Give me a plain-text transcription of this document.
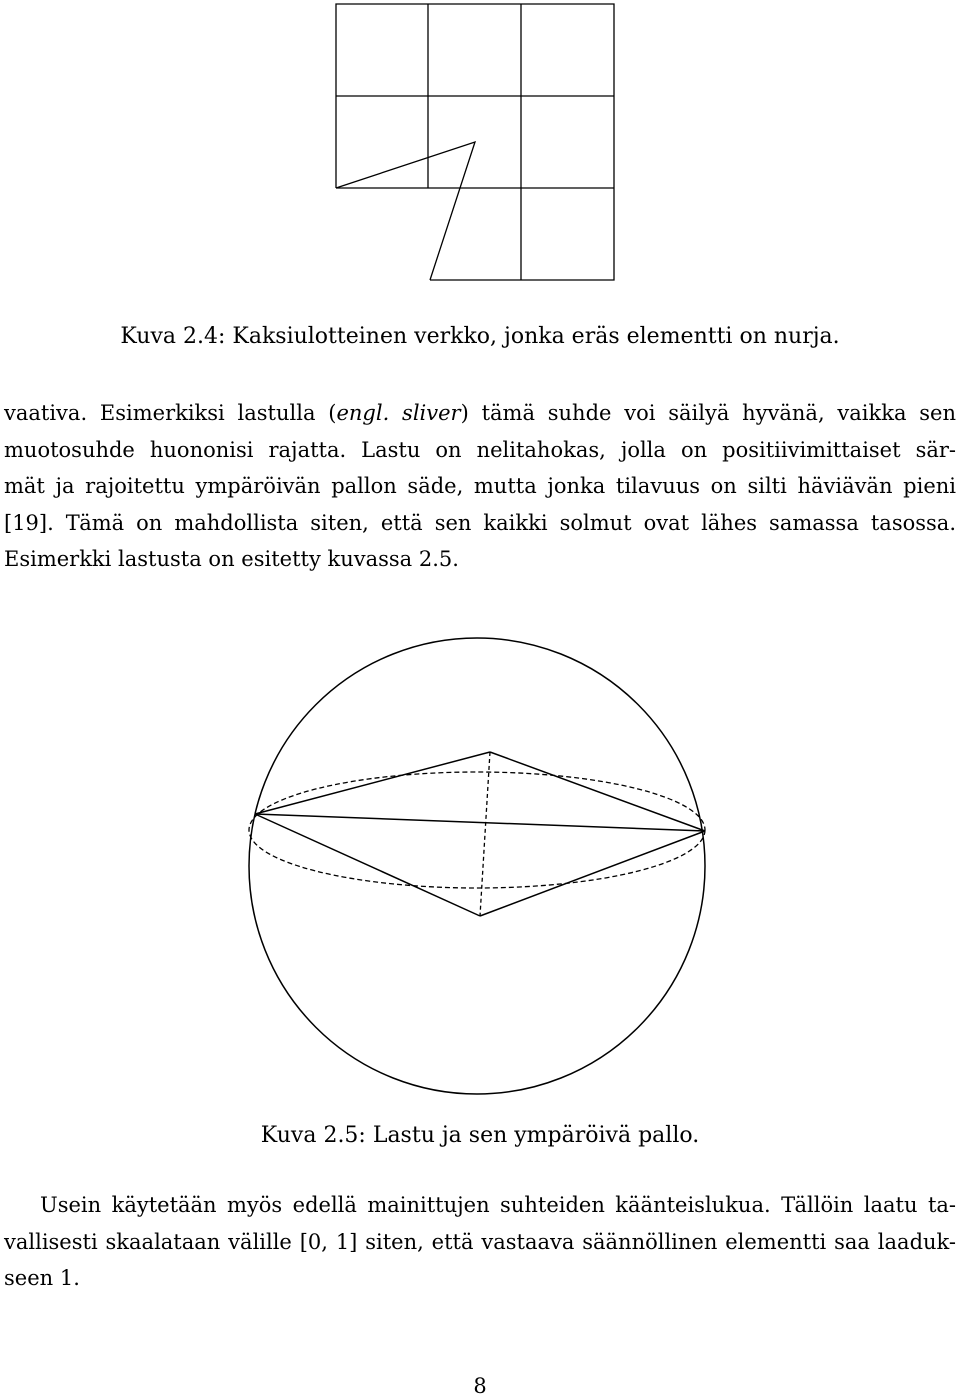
Kuva 2.4: Kaksiulotteinen verkko, jonka eräs elementti on nurja.
vaativa. Esimerkiksi lastulla (engl. sliver) tämä suhde voi säilyä hyvänä, vaikka sen
muotosuhde huononisi rajatta. Lastu on nelitahokas, jolla on positiivimittaiset sär-
mät ja rajoitettu ympäröivän pallon säde, mutta jonka tilavuus on silti häviävän pieni
[19]. Tämä on mahdollista siten, että sen kaikki solmut ovat lähes samassa tasossa.
Esimerkki lastusta on esitetty kuvassa 2.5.
Kuva 2.5: Lastu ja sen ympäröivä pallo.
Usein käytetään myös edellä mainittujen suhteiden käänteislukua. Tällöin laatu ta-
vallisesti skaalataan välille [0, 1] siten, että vastaava säännöllinen elementti saa laaduk-
seen 1.
8
